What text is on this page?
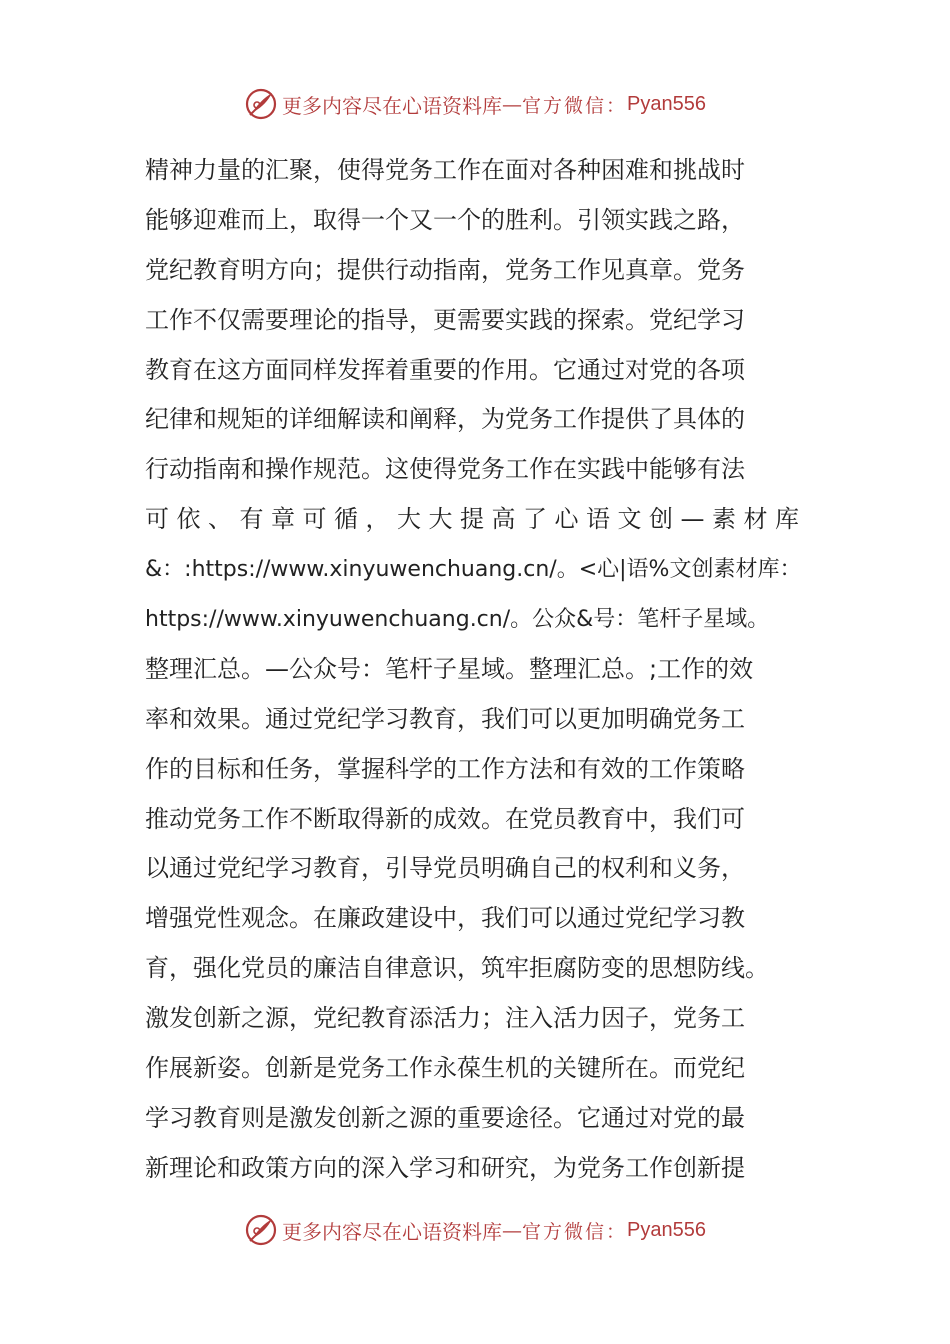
更多内容尽在心语资料库 — 官方微信： Pyan556
精神力量的汇聚，使得党务工作在面对各种困难和挑战时
能够迎难而上，取得一个又一个的胜利。引领实践之路，
党纪教育明方向；提供行动指南，党务工作见真章。党务
工作不仅需要理论的指导，更需要实践的探索。党纪学习
教育在这方面同样发挥着重要的作用。它通过对党的各项
纪律和规矩的详细解读和阐释，为党务工作提供了具体的
行动指南和操作规范。这使得党务工作在实践中能够有法
可依、有章可循，大大提高了心语文创—素材库
&：:https://www.xinyuwenchuang.cn/。<心|语%文创素材库：
https://www.xinyuwenchuang.cn/。公众&号：笔杆子星域。
整理汇总。—公众号：笔杆子星域。整理汇总。;工作的效
率和效果。通过党纪学习教育，我们可以更加明确党务工
作的目标和任务，掌握科学的工作方法和有效的工作策略
推动党务工作不断取得新的成效。在党员教育中，我们可
以通过党纪学习教育，引导党员明确自己的权利和义务，
增强党性观念。在廉政建设中，我们可以通过党纪学习教
育，强化党员的廉洁自律意识，筑牢拒腐防变的思想防线。
激发创新之源，党纪教育添活力；注入活力因子，党务工
作展新姿。创新是党务工作永葆生机的关键所在。而党纪
学习教育则是激发创新之源的重要途径。它通过对党的最
新理论和政策方向的深入学习和研究，为党务工作创新提
更多内容尽在心语资料库 — 官方微信： Pyan556
